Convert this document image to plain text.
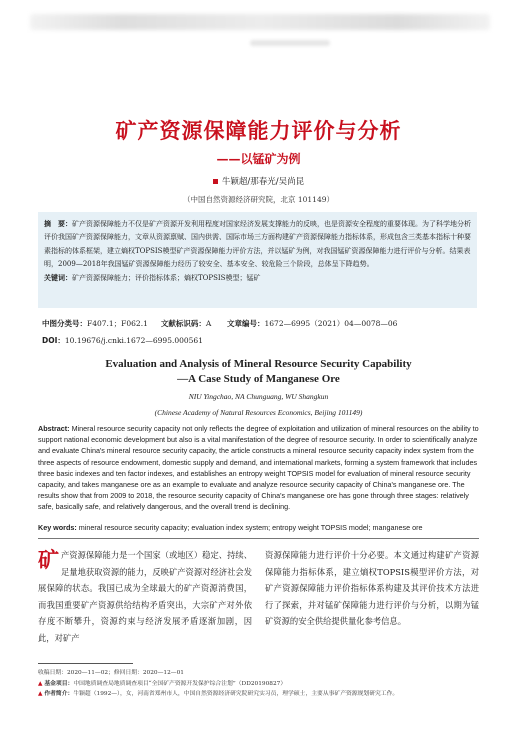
矿产资源保障能力评价与分析
——以锰矿为例
牛颖超/那春光/吴尚昆
（中国自然资源经济研究院，北京 101149）
摘　要：矿产资源保障能力不仅是矿产资源开发利用程度对国家经济发展支撑能力的反映，也是资源安全程度的重要体现。为了科学地分析评价我国矿产资源保障能力，文章从资源禀赋、国内供需、国际市场三方面构建矿产资源保障能力指标体系，形成包含三类基本指标十种要素指标的体系框架，建立熵权TOPSIS模型矿产资源保障能力评价方法，并以锰矿为例，对我国锰矿资源保障能力进行评价与分析。结果表明，2009—2018年我国锰矿资源保障能力经历了较安全、基本安全、较危险三个阶段，总体呈下降趋势。
关键词：矿产资源保障能力；评价指标体系；熵权TOPSIS模型；锰矿
中图分类号：F407.1；F062.1 文献标识码：A 文章编号：1672—6995（2021）04—0078—06
DOI：10.19676/j.cnki.1672—6995.000561
Evaluation and Analysis of Mineral Resource Security Capability
—A Case Study of Manganese Ore
NIU Yingchao, NA Chunguang, WU Shangkun
(Chinese Academy of Natural Resources Economics, Beijing 101149)
Abstract: Mineral resource security capacity not only reflects the degree of exploitation and utilization of mineral resources on the ability to support national economic development but also is a vital manifestation of the degree of resource security. In order to scientifically analyze and evaluate China's mineral resource security capacity, the article constructs a mineral resource security capacity index system from the three aspects of resource endowment, domestic supply and demand, and international markets, forming a system framework that includes three basic indexes and ten factor indexes, and establishes an entropy weight TOPSIS model for evaluation of mineral resource security capacity, and takes manganese ore as an example to evaluate and analyze resource security capacity of China's manganese ore. The results show that from 2009 to 2018, the resource security capacity of China's manganese ore has gone through three stages: relatively safe, basically safe, and relatively dangerous, and the overall trend is declining.
Key words: mineral resource security capacity; evaluation index system; entropy weight TOPSIS model; manganese ore
矿产资源保障能力是一个国家（或地区）稳定、持续、足量地获取资源的能力，反映矿产资源对经济社会发展保障的状态。我国已成为全球最大的矿产资源消费国，而我国重要矿产资源供给结构矛盾突出，大宗矿产对外依存度不断攀升，资源约束与经济发展矛盾逐渐加剧，因此，对矿产
资源保障能力进行评价十分必要。本文通过构建矿产资源保障能力指标体系，建立熵权TOPSIS模型评价方法，对矿产资源保障能力评价指标体系构建及其评价技术方法进行了探索，并对锰矿保障能力进行评价与分析，以期为锰矿资源的安全供给提供量化参考信息。
收稿日期：2020—11—02；修回日期：2020—12—01
▲ 基金项目：中国地质调查局地质调查项目“全国矿产资源开发保护综合注划”（DD20190827）
▲ 作者简介：牛颖超（1992—），女，河南省郑州市人，中国自然资源经济研究院研究实习员，理学硕士，主要从事矿产资源规划研究工作。
